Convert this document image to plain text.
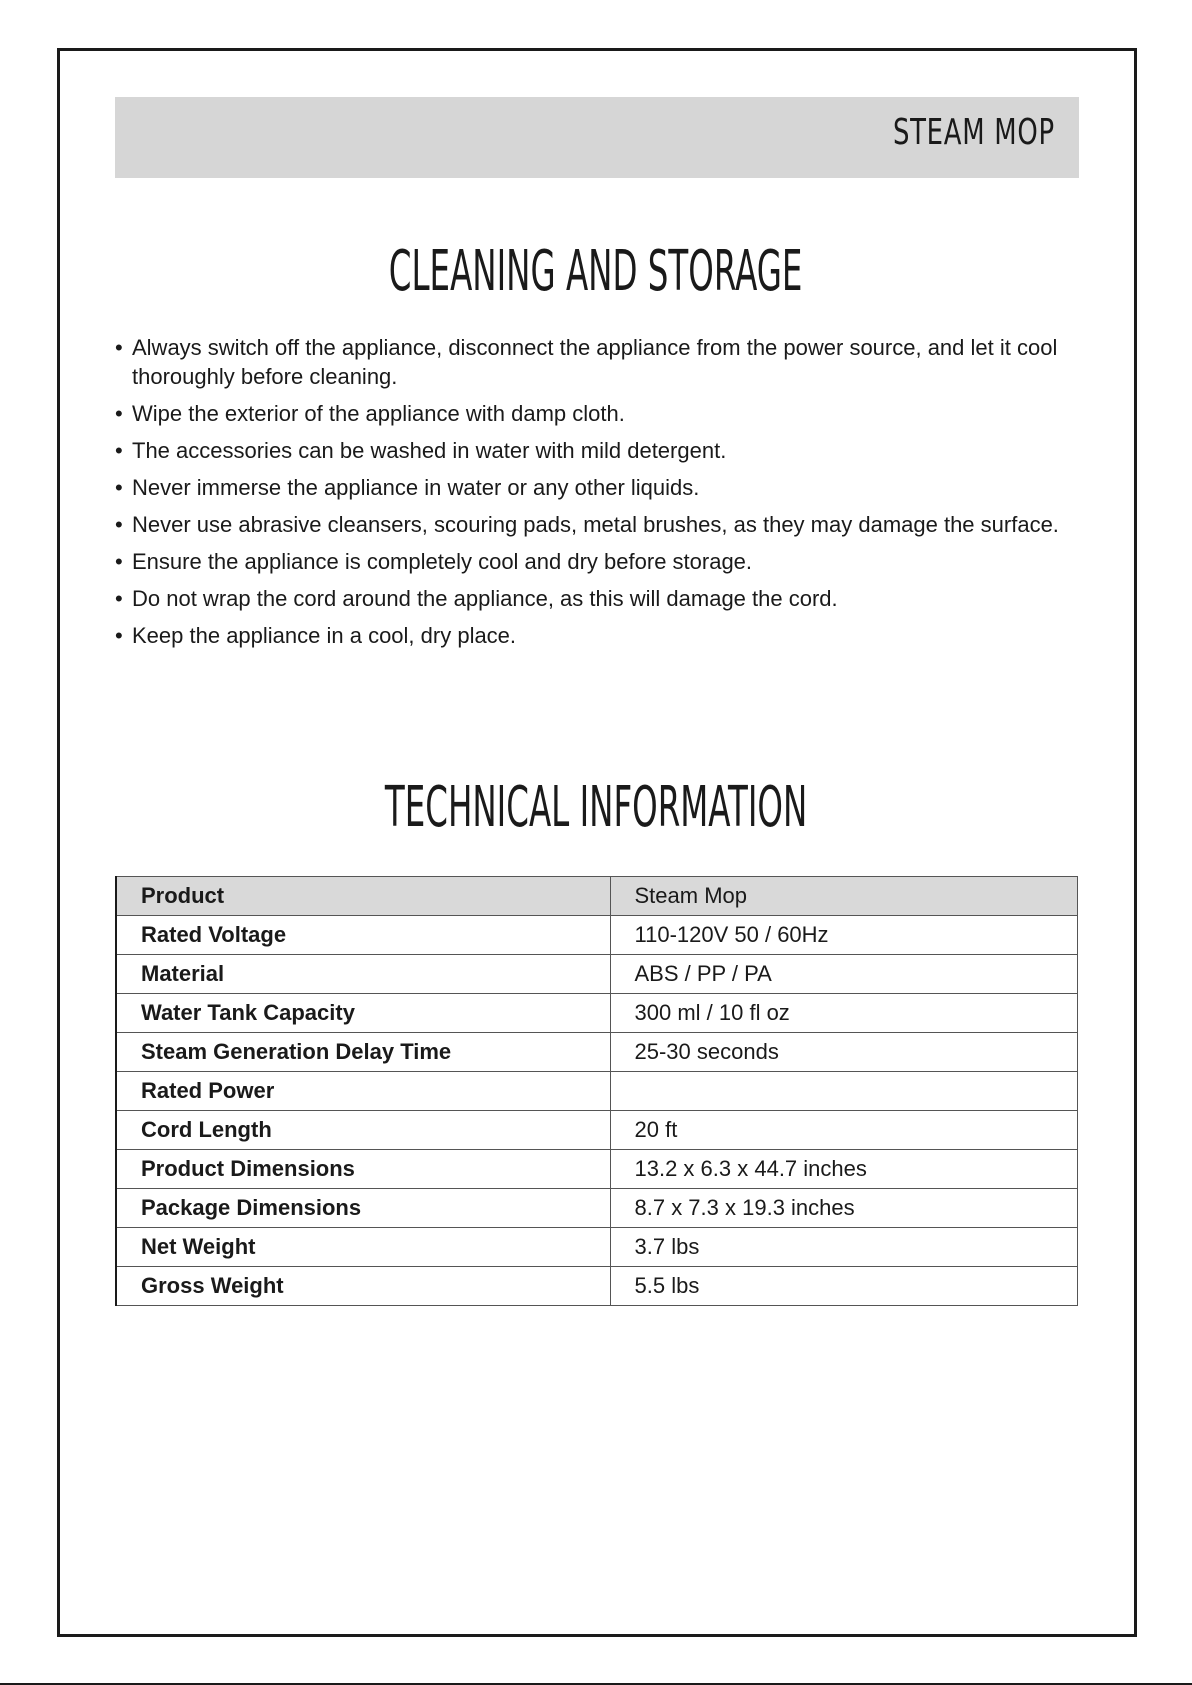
STEAM MOP
CLEANING AND STORAGE
• Always switch off the appliance, disconnect the appliance from the power source, and let it cool thoroughly before cleaning.
• Wipe the exterior of the appliance with damp cloth.
• The accessories can be washed in water with mild detergent.
• Never immerse the appliance in water or any other liquids.
• Never use abrasive cleansers, scouring pads, metal brushes, as they may damage the surface.
• Ensure the appliance is completely cool and dry before storage.
• Do not wrap the cord around the appliance, as this will damage the cord.
• Keep the appliance in a cool, dry place.
TECHNICAL INFORMATION
Product	Steam Mop
Rated Voltage	110-120V 50 / 60Hz
Material	ABS / PP / PA
Water Tank Capacity	300 ml / 10 fl oz
Steam Generation Delay Time	25-30 seconds
Rated Power	
Cord Length	20 ft
Product Dimensions	13.2 x 6.3 x 44.7 inches
Package Dimensions	8.7 x 7.3 x 19.3 inches
Net Weight	3.7 lbs
Gross Weight	5.5 lbs
